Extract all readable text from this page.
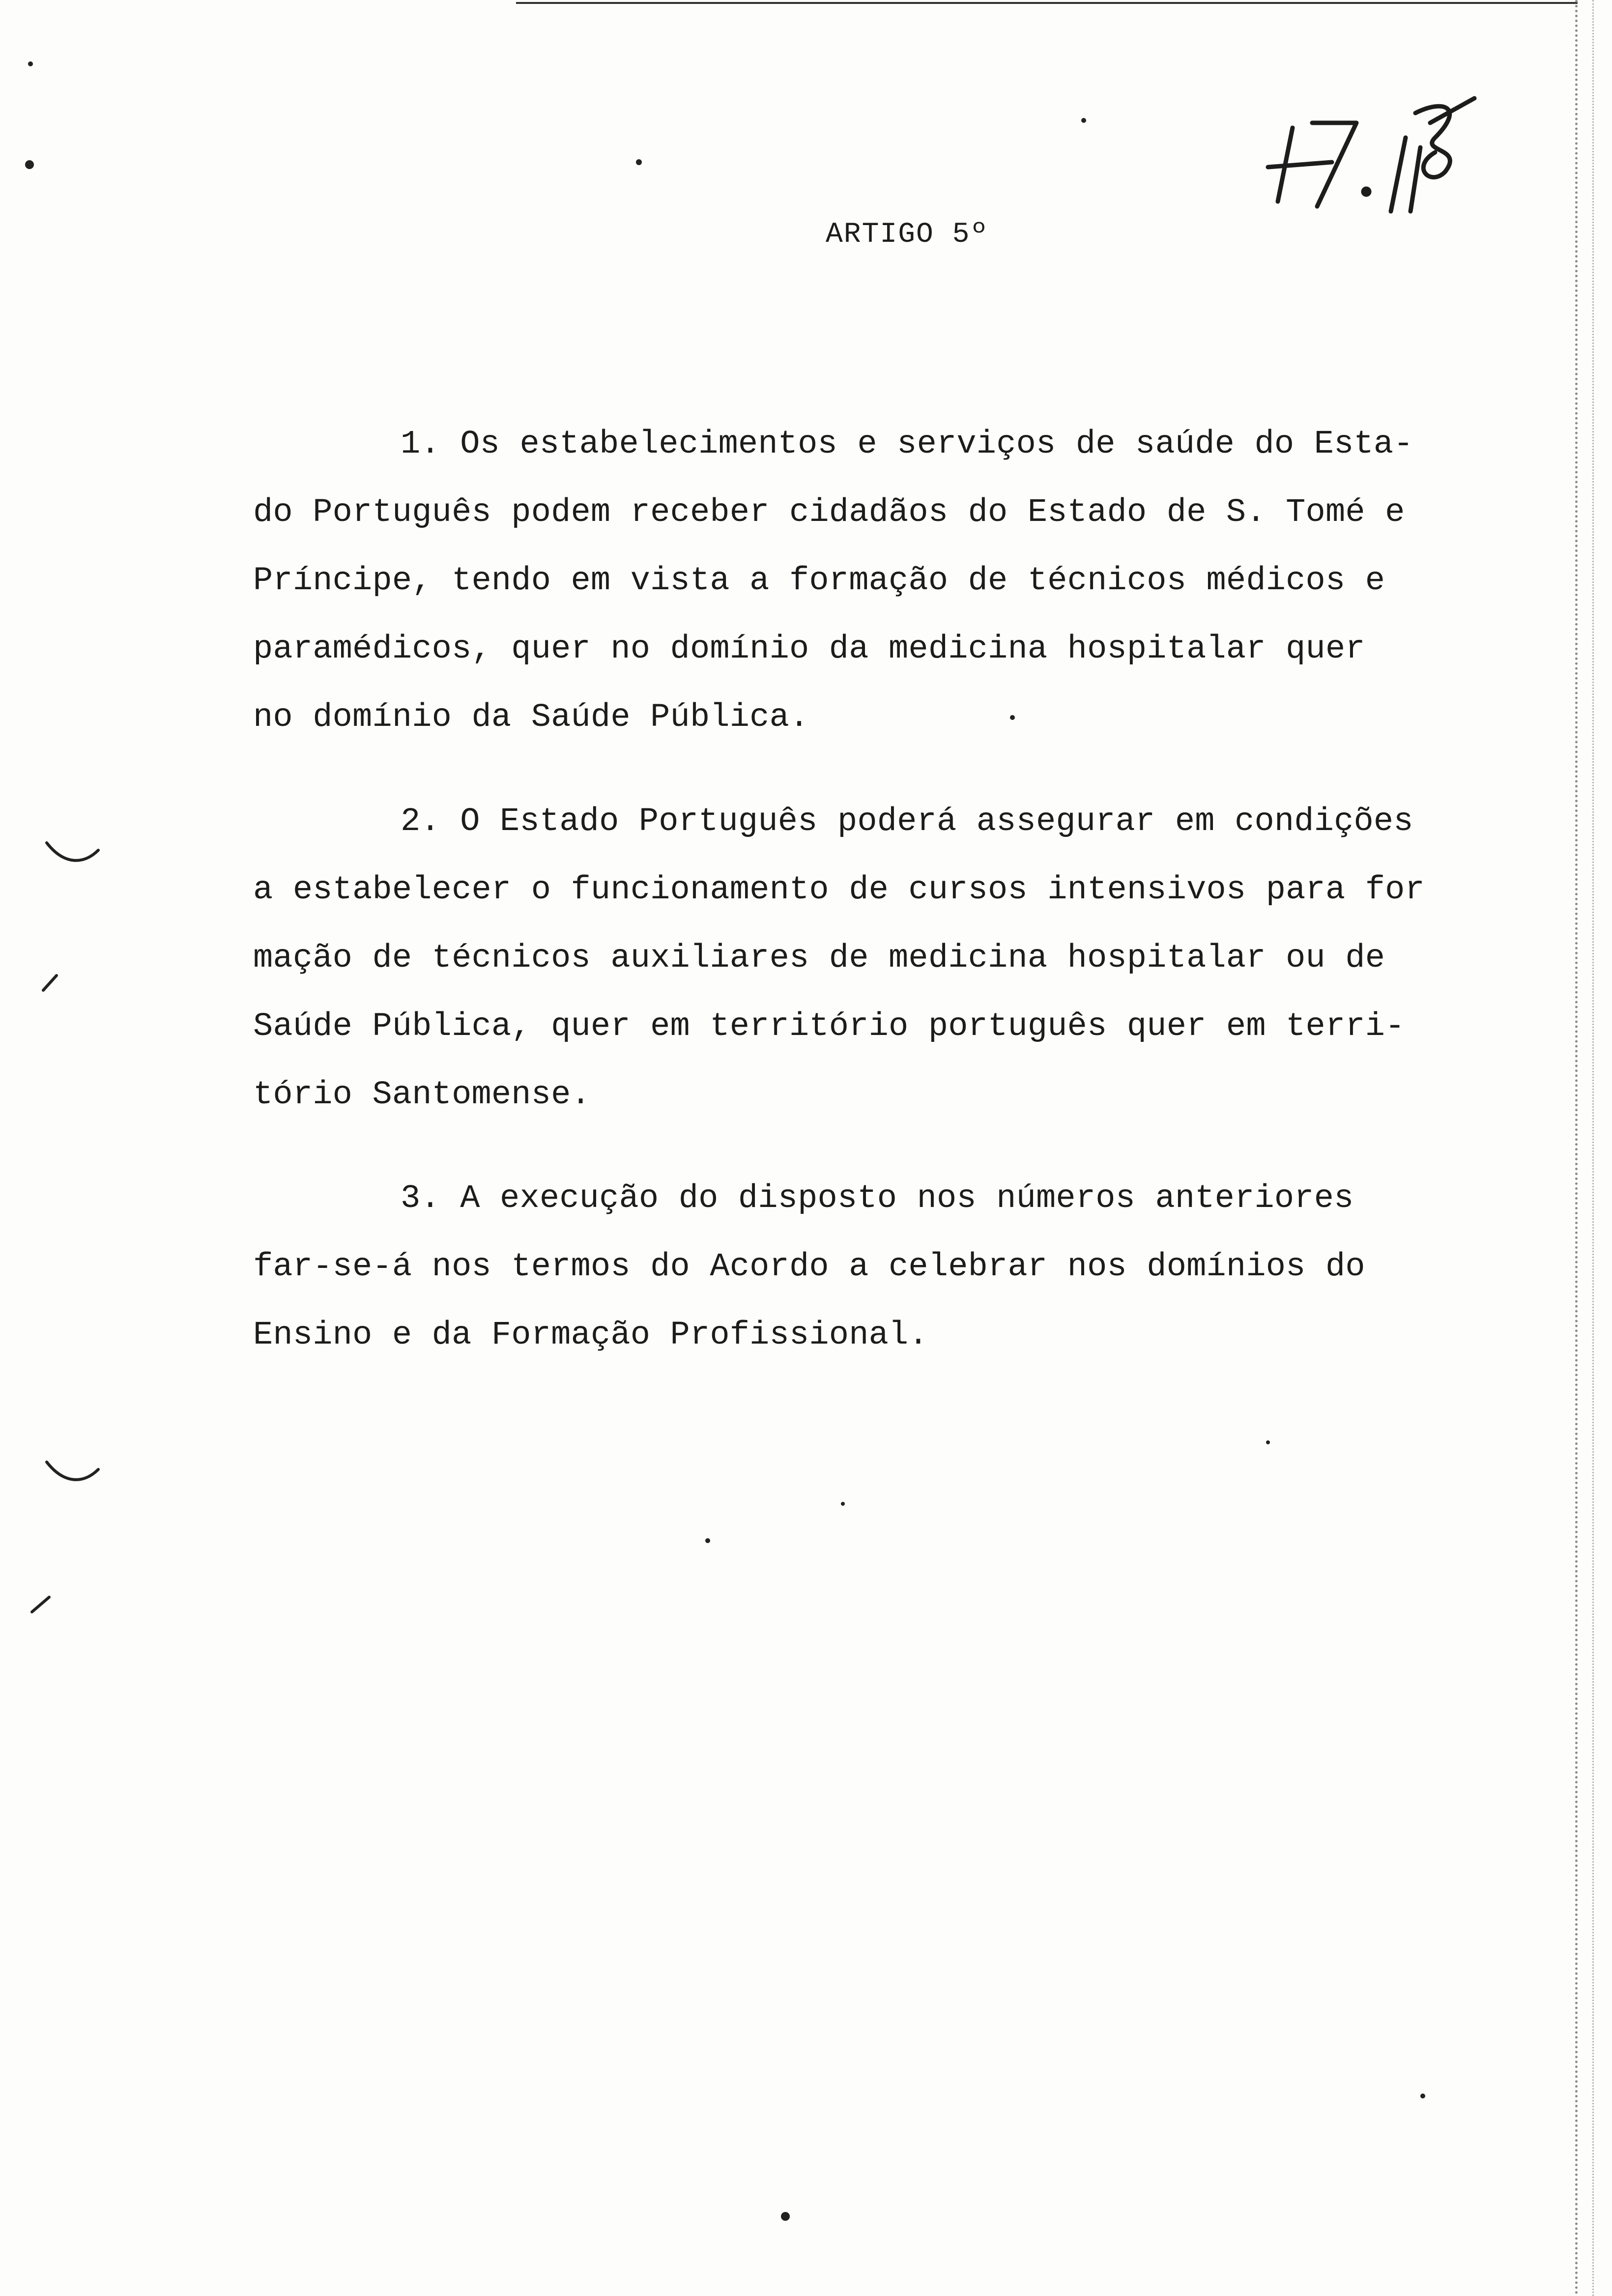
ARTIGO 5º
1. Os estabelecimentos e serviços de saúde do Esta-
do Português podem receber cidadãos do Estado de S. Tomé e
Príncipe, tendo em vista a formação de técnicos médicos e
paramédicos, quer no domínio da medicina hospitalar quer
no domínio da Saúde Pública.
2. O Estado Português poderá assegurar em condições
a estabelecer o funcionamento de cursos intensivos para for
mação de técnicos auxiliares de medicina hospitalar ou de
Saúde Pública, quer em território português quer em terri-
tório Santomense.
3. A execução do disposto nos números anteriores
far-se-á nos termos do Acordo a celebrar nos domínios do
Ensino e da Formação Profissional.
